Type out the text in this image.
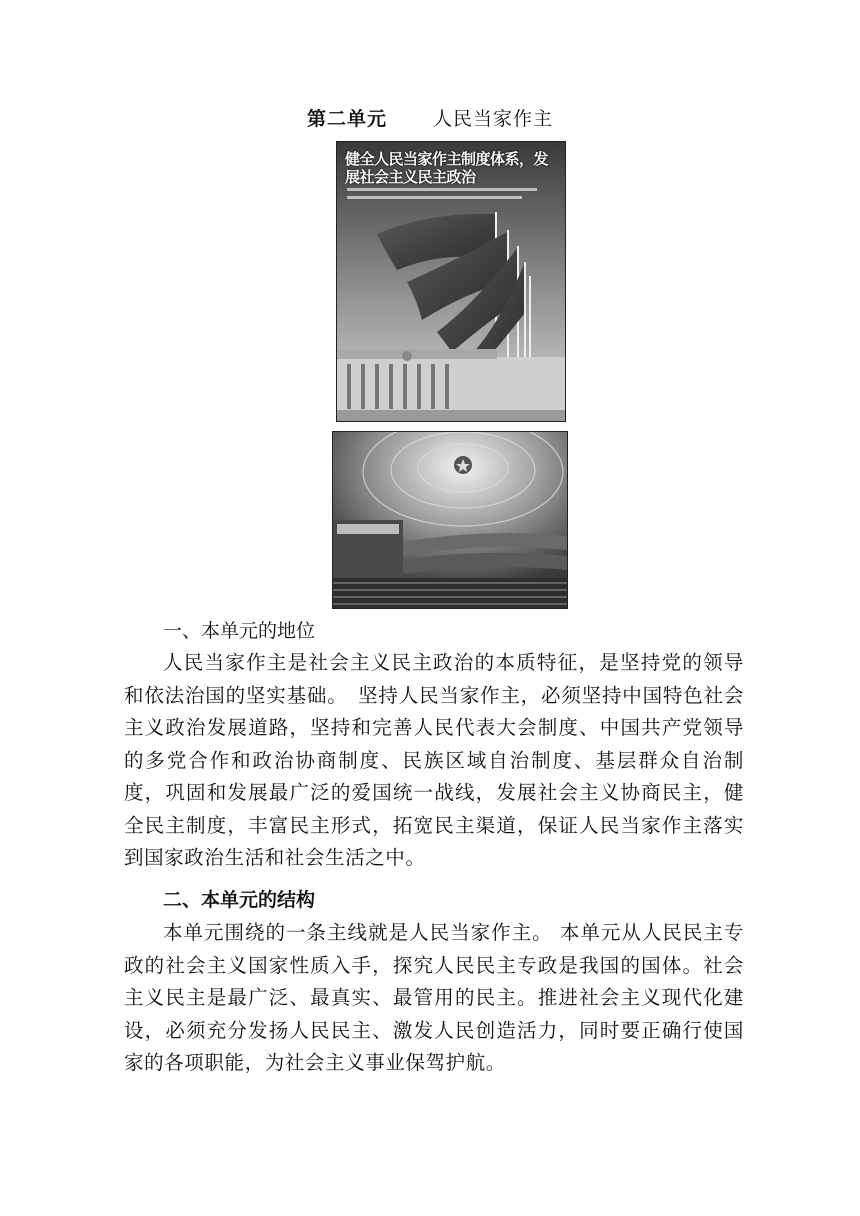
第二单元 人民当家作主
健全人民当家作主制度体系，发展社会主义民主政治
一、本单元的地位
人民当家作主是社会主义民主政治的本质特征，是坚持党的领导和依法治国的坚实基础。　坚持人民当家作主，必须坚持中国特色社会主义政治发展道路，坚持和完善人民代表大会制度、中国共产党领导的多党合作和政治协商制度、民族区域自治制度、基层群众自治制度，巩固和发展最广泛的爱国统一战线，发展社会主义协商民主，健全民主制度，丰富民主形式，拓宽民主渠道，保证人民当家作主落实到国家政治生活和社会生活之中。
二、本单元的结构
本单元围绕的一条主线就是人民当家作主。 本单元从人民民主专政的社会主义国家性质入手，探究人民民主专政是我国的国体。社会主义民主是最广泛、最真实、最管用的民主。推进社会主义现代化建设，必须充分发扬人民民主、激发人民创造活力，同时要正确行使国家的各项职能，为社会主义事业保驾护航。
